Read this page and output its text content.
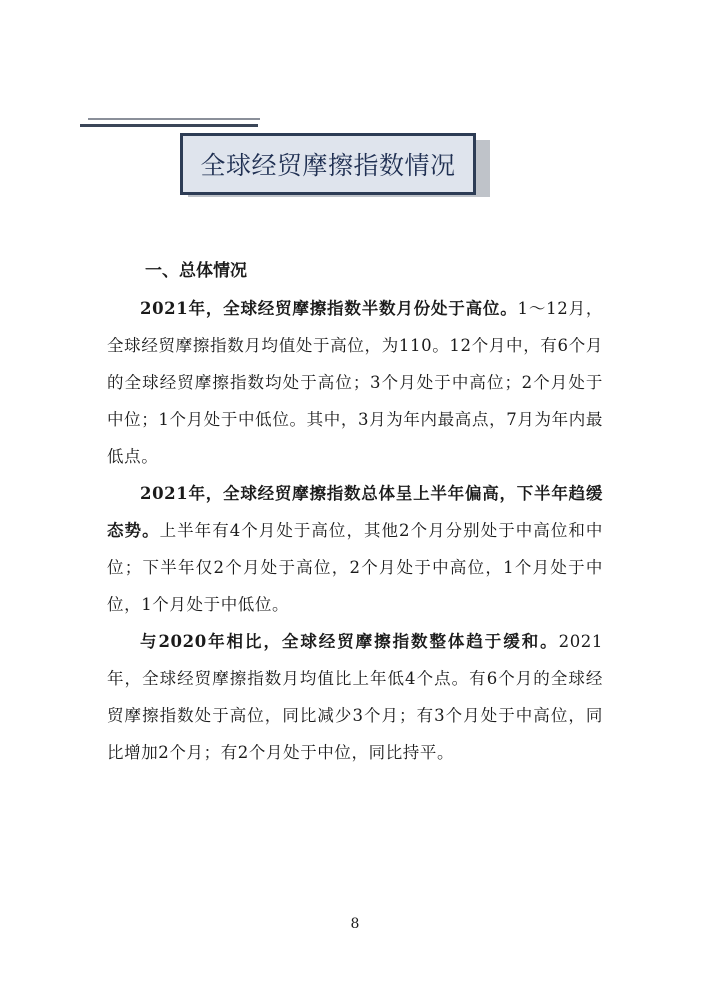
全球经贸摩擦指数情况
一、总体情况

2021年，全球经贸摩擦指数半数月份处于高位。1～12月，全球经贸摩擦指数月均值处于高位，为110。12个月中，有6个月的全球经贸摩擦指数均处于高位；3个月处于中高位；2个月处于中位；1个月处于中低位。其中，3月为年内最高点，7月为年内最低点。

2021年，全球经贸摩擦指数总体呈上半年偏高，下半年趋缓态势。上半年有4个月处于高位，其他2个月分别处于中高位和中位；下半年仅2个月处于高位，2个月处于中高位，1个月处于中位，1个月处于中低位。

与2020年相比，全球经贸摩擦指数整体趋于缓和。2021年，全球经贸摩擦指数月均值比上年低4个点。有6个月的全球经贸摩擦指数处于高位，同比减少3个月；有3个月处于中高位，同比增加2个月；有2个月处于中位，同比持平。

8
